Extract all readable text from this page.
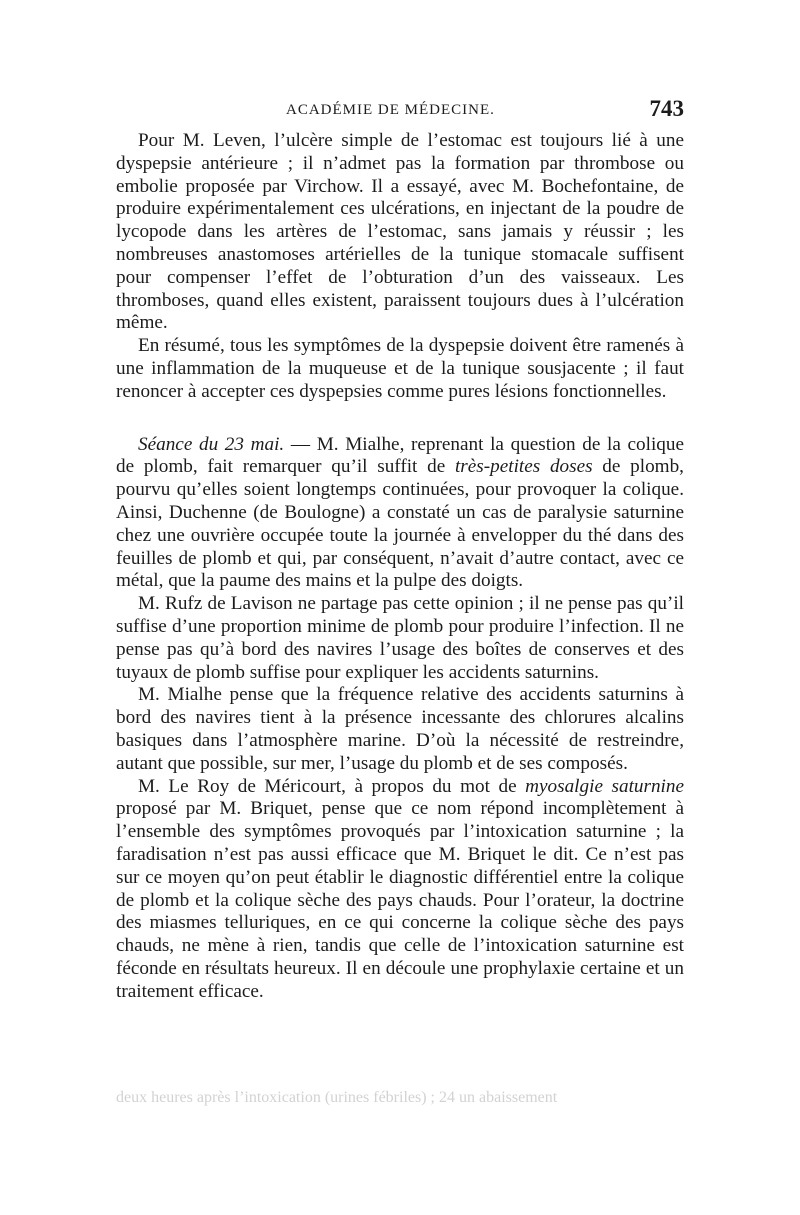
ACADÉMIE DE MÉDECINE.	743

Pour M. Leven, l’ulcère simple de l’estomac est toujours lié à une dyspepsie antérieure ; il n’admet pas la formation par thrombose ou embolie proposée par Virchow. Il a essayé, avec M. Bochefontaine, de produire expérimentalement ces ulcérations, en injectant de la poudre de lycopode dans les artères de l’estomac, sans jamais y réussir ; les nombreuses anastomoses artérielles de la tunique stomacale suffisent pour compenser l’effet de l’obturation d’un des vaisseaux. Les thromboses, quand elles existent, paraissent toujours dues à l’ulcération même.

En résumé, tous les symptômes de la dyspepsie doivent être ramenés à une inflammation de la muqueuse et de la tunique sousjacente ; il faut renoncer à accepter ces dyspepsies comme pures lésions fonctionnelles.

Séance du 23 mai. — M. Mialhe, reprenant la question de la colique de plomb, fait remarquer qu’il suffit de très-petites doses de plomb, pourvu qu’elles soient longtemps continuées, pour provoquer la colique. Ainsi, Duchenne (de Boulogne) a constaté un cas de paralysie saturnine chez une ouvrière occupée toute la journée à envelopper du thé dans des feuilles de plomb et qui, par conséquent, n’avait d’autre contact, avec ce métal, que la paume des mains et la pulpe des doigts.

M. Rufz de Lavison ne partage pas cette opinion ; il ne pense pas qu’il suffise d’une proportion minime de plomb pour produire l’infection. Il ne pense pas qu’à bord des navires l’usage des boîtes de conserves et des tuyaux de plomb suffise pour expliquer les accidents saturnins.

M. Mialhe pense que la fréquence relative des accidents saturnins à bord des navires tient à la présence incessante des chlorures alcalins basiques dans l’atmosphère marine. D’où la nécessité de restreindre, autant que possible, sur mer, l’usage du plomb et de ses composés.

M. Le Roy de Méricourt, à propos du mot de myosalgie saturnine proposé par M. Briquet, pense que ce nom répond incomplètement à l’ensemble des symptômes provoqués par l’intoxication saturnine ; la faradisation n’est pas aussi efficace que M. Briquet le dit. Ce n’est pas sur ce moyen qu’on peut établir le diagnostic différentiel entre la colique de plomb et la colique sèche des pays chauds. Pour l’orateur, la doctrine des miasmes telluriques, en ce qui concerne la colique sèche des pays chauds, ne mène à rien, tandis que celle de l’intoxication saturnine est féconde en résultats heureux. Il en découle une prophylaxie certaine et un traitement efficace.

deux heures après l’intoxication (urines fébriles) ; 24 un abaissement
